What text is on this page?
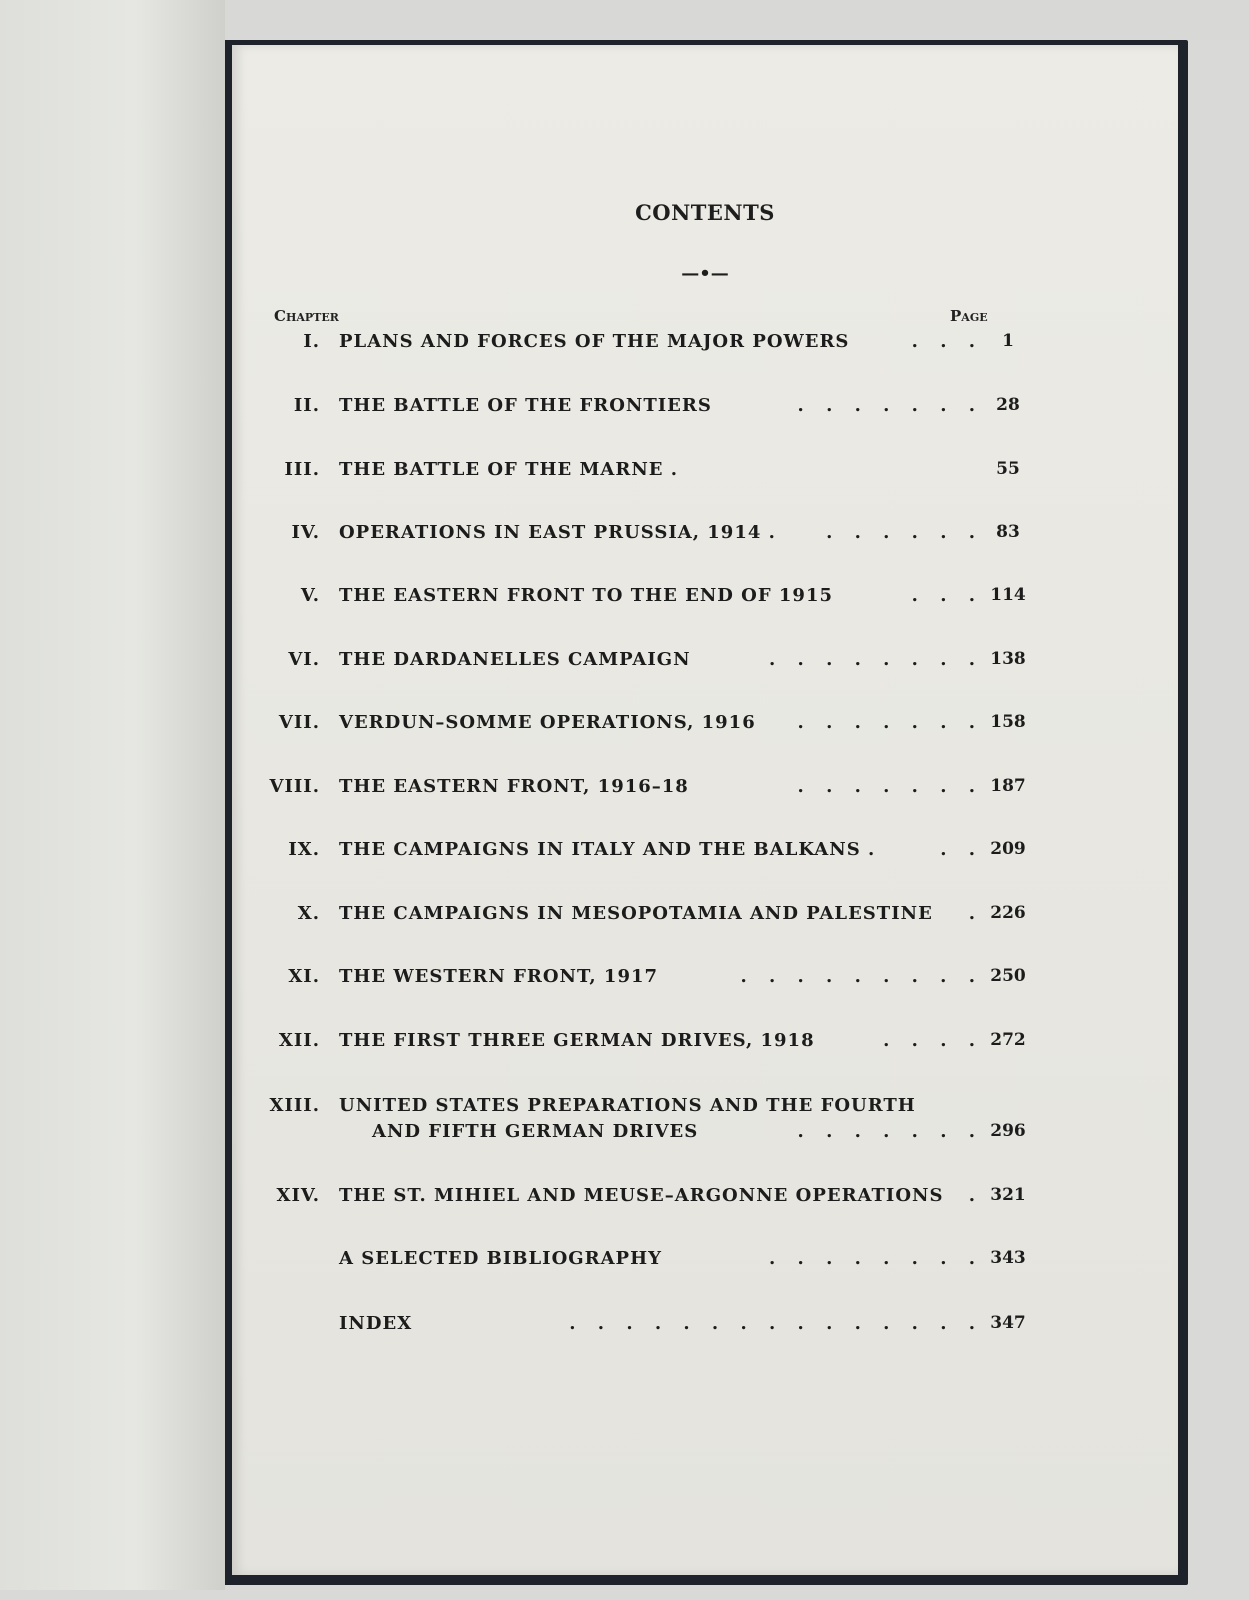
CONTENTS
—•—
Chapter	Page
I. PLANS AND FORCES OF THE MAJOR POWERS	. . .	1
II. THE BATTLE OF THE FRONTIERS	. . . . . . . 28
III. THE BATTLE OF THE MARNE .	55
IV. OPERATIONS IN EAST PRUSSIA, 1914 .	. . . . . . 83
V. THE EASTERN FRONT TO THE END OF 1915	. . . 114
VI. THE DARDANELLES CAMPAIGN	. . . . . . . . 138
VII. VERDUN–SOMME OPERATIONS, 1916 . . . . . . . 158
VIII. THE EASTERN FRONT, 1916–18	. . . . . . . 187
IX. THE CAMPAIGNS IN ITALY AND THE BALKANS .	. . 209
X. THE CAMPAIGNS IN MESOPOTAMIA AND PALESTINE . 226
XI. THE WESTERN FRONT, 1917	. . . . . . . . . 250
XII. THE FIRST THREE GERMAN DRIVES, 1918	. . . . 272
XIII. UNITED STATES PREPARATIONS AND THE FOURTH
AND FIFTH GERMAN DRIVES	. . . . . . . 296
XIV. THE ST. MIHIEL AND MEUSE–ARGONNE OPERATIONS . 321
A SELECTED BIBLIOGRAPHY	. . . . . . . . 343
INDEX	. . . . . . . . . . . . . . . 347
